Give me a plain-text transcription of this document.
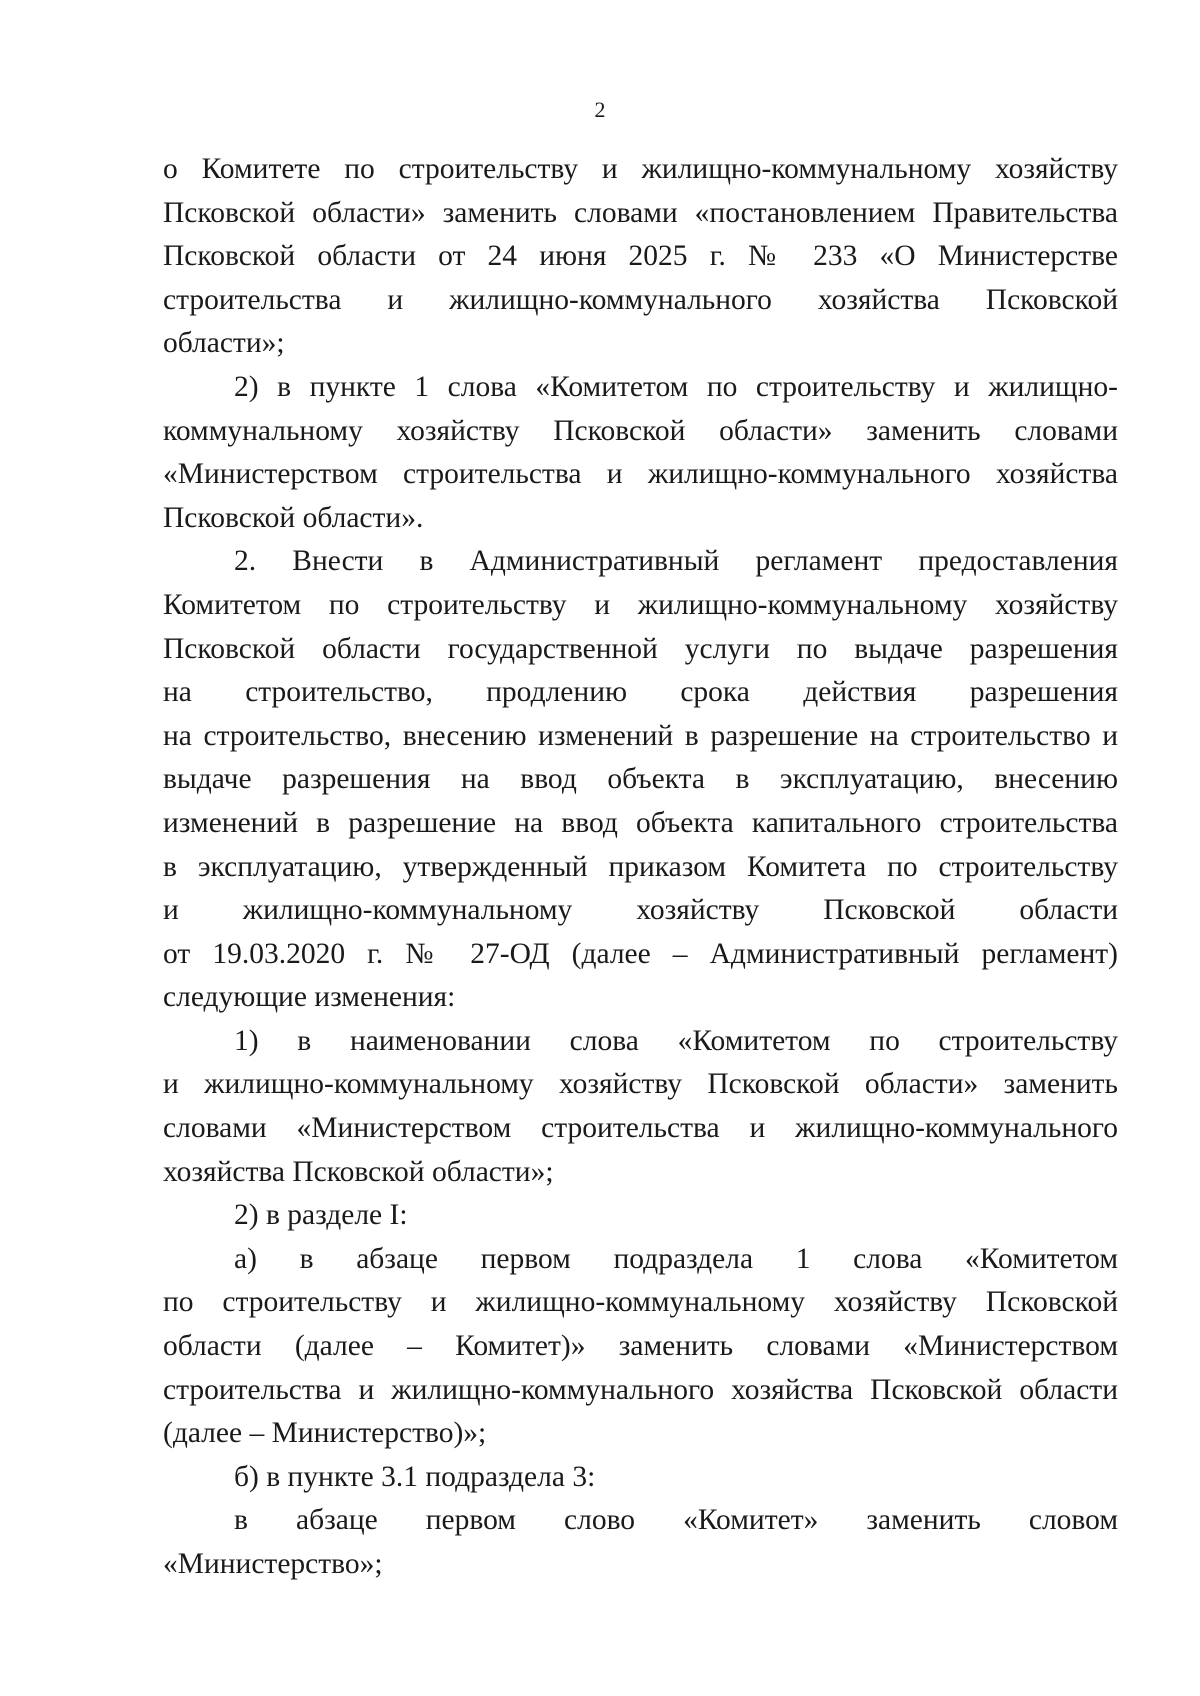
2

о Комитете по строительству и жилищно-коммунальному хозяйству
Псковской области» заменить словами «постановлением Правительства
Псковской области от 24 июня 2025 г. № 233 «О Министерстве
строительства и жилищно-коммунального хозяйства Псковской
области»;

2) в пункте 1 слова «Комитетом по строительству и жилищно-
коммунальному хозяйству Псковской области» заменить словами
«Министерством строительства и жилищно-коммунального хозяйства
Псковской области».

2. Внести в Административный регламент предоставления
Комитетом по строительству и жилищно-коммунальному хозяйству
Псковской области государственной услуги по выдаче разрешения
на строительство, продлению срока действия разрешения
на строительство, внесению изменений в разрешение на строительство и
выдаче разрешения на ввод объекта в эксплуатацию, внесению
изменений в разрешение на ввод объекта капитального строительства
в эксплуатацию, утвержденный приказом Комитета по строительству
и жилищно-коммунальному хозяйству Псковской области
от 19.03.2020 г. № 27-ОД (далее – Административный регламент)
следующие изменения:

1) в наименовании слова «Комитетом по строительству
и жилищно-коммунальному хозяйству Псковской области» заменить
словами «Министерством строительства и жилищно-коммунального
хозяйства Псковской области»;

2) в разделе I:

а) в абзаце первом подраздела 1 слова «Комитетом
по строительству и жилищно-коммунальному хозяйству Псковской
области (далее – Комитет)» заменить словами «Министерством
строительства и жилищно-коммунального хозяйства Псковской области
(далее – Министерство)»;

б) в пункте 3.1 подраздела 3:

в абзаце первом слово «Комитет» заменить словом
«Министерство»;
